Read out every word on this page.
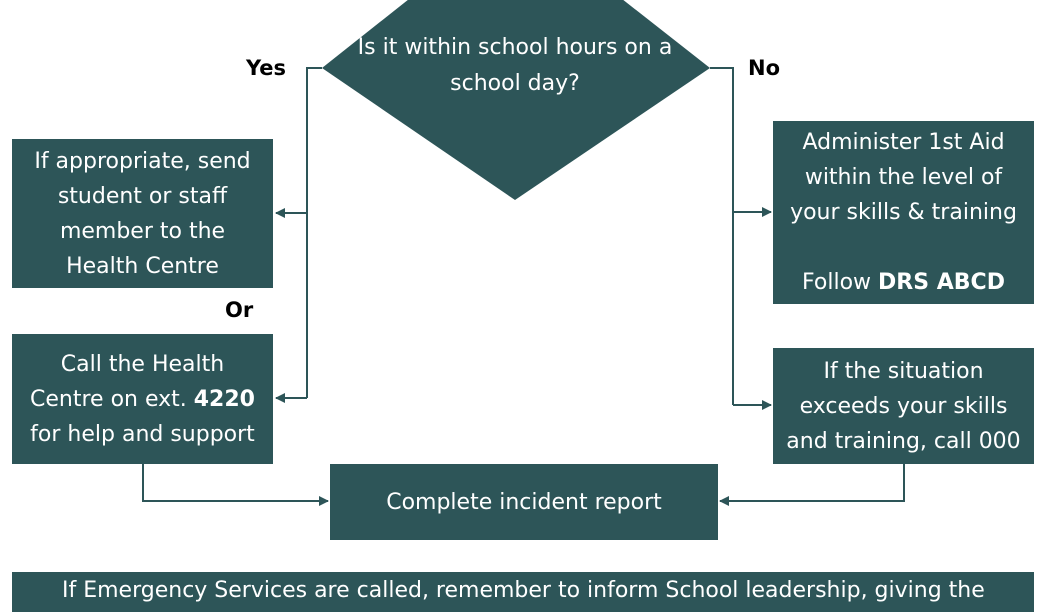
Is it within school hours on a school day?
Yes	No
Or
If appropriate, send
student or staff
member to the
Health Centre
Call the Health
Centre on ext. 4220
for help and support
Administer 1st Aid
within the level of
your skills & training

Follow DRS ABCD
If the situation
exceeds your skills
and training, call 000
Complete incident report
If Emergency Services are called, remember to inform School leadership, giving the
